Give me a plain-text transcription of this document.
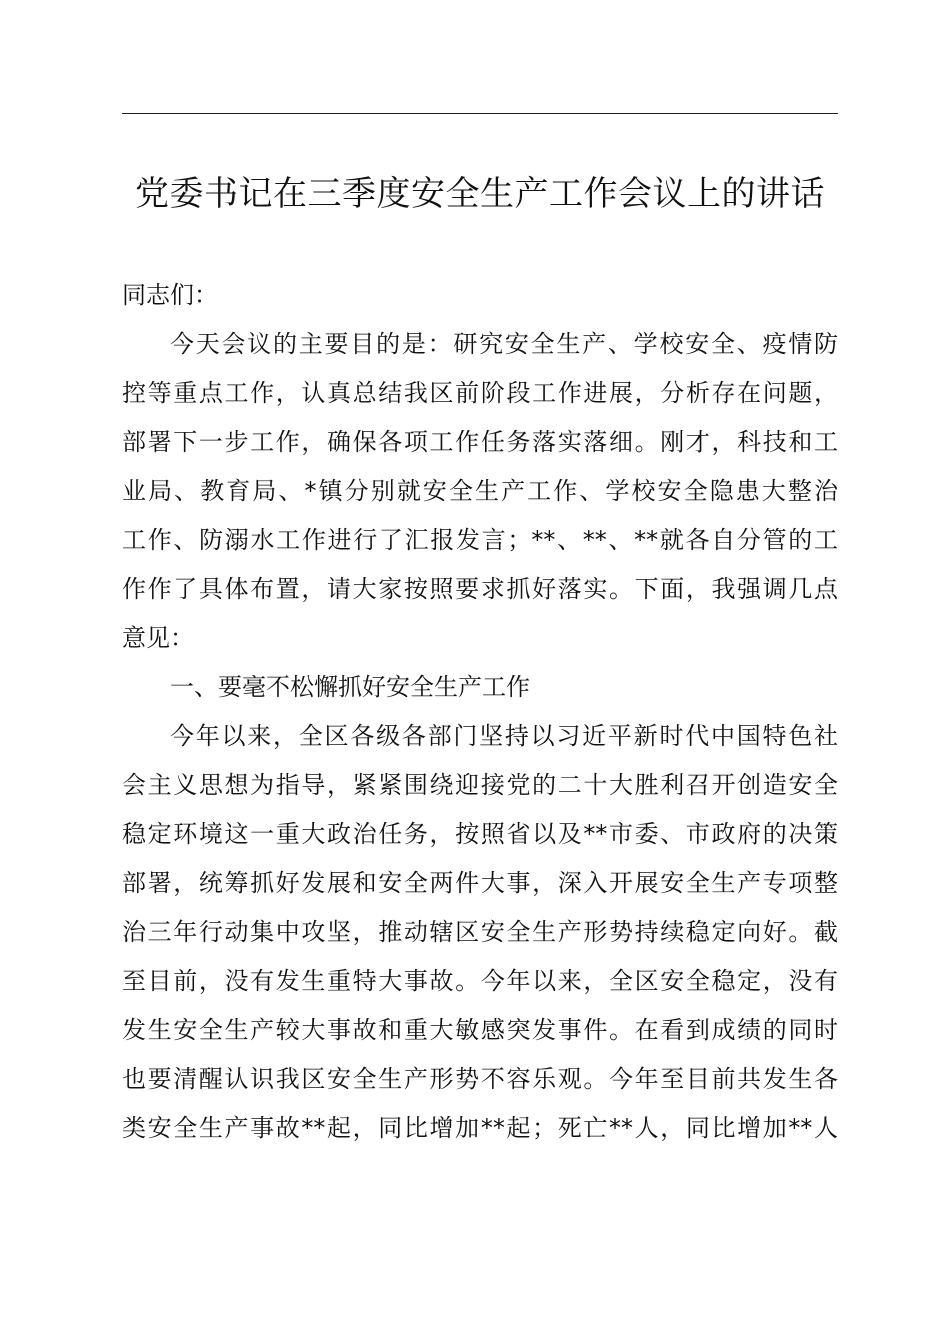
党委书记在三季度安全生产工作会议上的讲话
同志们：
今天会议的主要目的是：研究安全生产、学校安全、疫情防
控等重点工作，认真总结我区前阶段工作进展，分析存在问题，
部署下一步工作，确保各项工作任务落实落细。刚才，科技和工
业局、教育局、*镇分别就安全生产工作、学校安全隐患大整治
工作、防溺水工作进行了汇报发言；**、**、**就各自分管的工
作作了具体布置，请大家按照要求抓好落实。下面，我强调几点
意见：
一、要毫不松懈抓好安全生产工作
今年以来，全区各级各部门坚持以习近平新时代中国特色社
会主义思想为指导，紧紧围绕迎接党的二十大胜利召开创造安全
稳定环境这一重大政治任务，按照省以及**市委、市政府的决策
部署，统筹抓好发展和安全两件大事，深入开展安全生产专项整
治三年行动集中攻坚，推动辖区安全生产形势持续稳定向好。截
至目前，没有发生重特大事故。今年以来，全区安全稳定，没有
发生安全生产较大事故和重大敏感突发事件。在看到成绩的同时
也要清醒认识我区安全生产形势不容乐观。今年至目前共发生各
类安全生产事故**起，同比增加**起；死亡**人，同比增加**人
